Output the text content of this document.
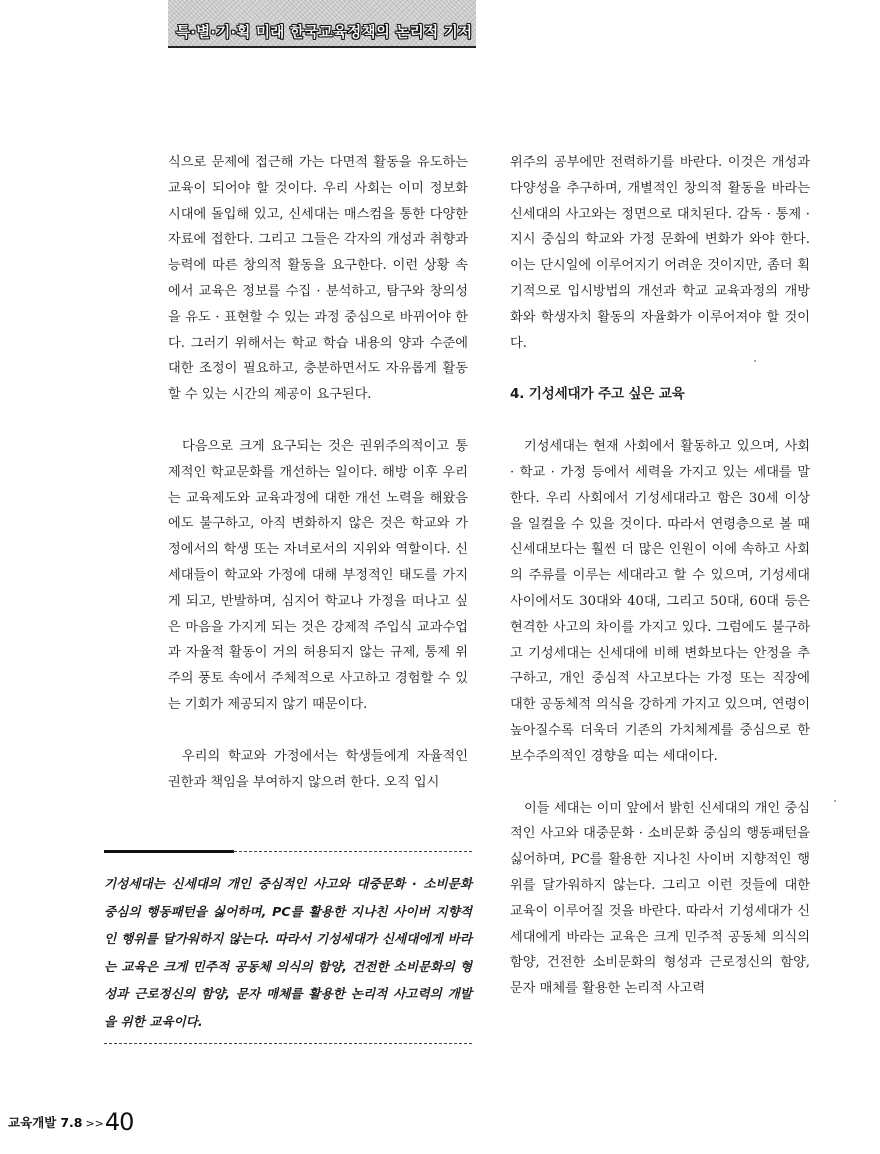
특·별·기·획 미래 한국교육정책의 논리적 기저

식으로 문제에 접근해 가는 다면적 활동을 유도하는 교육이 되어야 할 것이다. 우리 사회는 이미 정보화시대에 돌입해 있고, 신세대는 매스컴을 통한 다양한 자료에 접한다. 그리고 그들은 각자의 개성과 취향과 능력에 따른 창의적 활동을 요구한다. 이런 상황 속에서 교육은 정보를 수집 · 분석하고, 탐구와 창의성을 유도 · 표현할 수 있는 과정 중심으로 바뀌어야 한다. 그러기 위해서는 학교 학습 내용의 양과 수준에 대한 조정이 필요하고, 충분하면서도 자유롭게 활동할 수 있는 시간의 제공이 요구된다.

다음으로 크게 요구되는 것은 권위주의적이고 통제적인 학교문화를 개선하는 일이다. 해방 이후 우리는 교육제도와 교육과정에 대한 개선 노력을 해왔음에도 불구하고, 아직 변화하지 않은 것은 학교와 가정에서의 학생 또는 자녀로서의 지위와 역할이다. 신세대들이 학교와 가정에 대해 부정적인 태도를 가지게 되고, 반발하며, 심지어 학교나 가정을 떠나고 싶은 마음을 가지게 되는 것은 강제적 주입식 교과수업과 자율적 활동이 거의 허용되지 않는 규제, 통제 위주의 풍토 속에서 주체적으로 사고하고 경험할 수 있는 기회가 제공되지 않기 때문이다.

우리의 학교와 가정에서는 학생들에게 자율적인 권한과 책임을 부여하지 않으려 한다. 오직 입시

위주의 공부에만 전력하기를 바란다. 이것은 개성과 다양성을 추구하며, 개별적인 창의적 활동을 바라는 신세대의 사고와는 정면으로 대치된다. 감독 · 통제 · 지시 중심의 학교와 가정 문화에 변화가 와야 한다. 이는 단시일에 이루어지기 어려운 것이지만, 좀더 획기적으로 입시방법의 개선과 학교 교육과정의 개방화와 학생자치 활동의 자율화가 이루어져야 할 것이다.

4. 기성세대가 주고 싶은 교육

기성세대는 현재 사회에서 활동하고 있으며, 사회 · 학교 · 가정 등에서 세력을 가지고 있는 세대를 말한다. 우리 사회에서 기성세대라고 함은 30세 이상을 일컬을 수 있을 것이다. 따라서 연령층으로 볼 때 신세대보다는 훨씬 더 많은 인원이 이에 속하고 사회의 주류를 이루는 세대라고 할 수 있으며, 기성세대 사이에서도 30대와 40대, 그리고 50대, 60대 등은 현격한 사고의 차이를 가지고 있다. 그럼에도 불구하고 기성세대는 신세대에 비해 변화보다는 안정을 추구하고, 개인 중심적 사고보다는 가정 또는 직장에 대한 공동체적 의식을 강하게 가지고 있으며, 연령이 높아질수록 더욱더 기존의 가치체계를 중심으로 한 보수주의적인 경향을 띠는 세대이다.

이들 세대는 이미 앞에서 밝힌 신세대의 개인 중심적인 사고와 대중문화 · 소비문화 중심의 행동패턴을 싫어하며, PC를 활용한 지나친 사이버 지향적인 행위를 달가워하지 않는다. 그리고 이런 것들에 대한 교육이 이루어질 것을 바란다. 따라서 기성세대가 신세대에게 바라는 교육은 크게 민주적 공동체 의식의 함양, 건전한 소비문화의 형성과 근로정신의 함양, 문자 매체를 활용한 논리적 사고력

기성세대는 신세대의 개인 중심적인 사고와 대중문화 · 소비문화 중심의 행동패턴을 싫어하며, PC를 활용한 지나친 사이버 지향적인 행위를 달가워하지 않는다. 따라서 기성세대가 신세대에게 바라는 교육은 크게 민주적 공동체 의식의 함양, 건전한 소비문화의 형성과 근로정신의 함양, 문자 매체를 활용한 논리적 사고력의 개발을 위한 교육이다.
교육개발 7.8 >>40
